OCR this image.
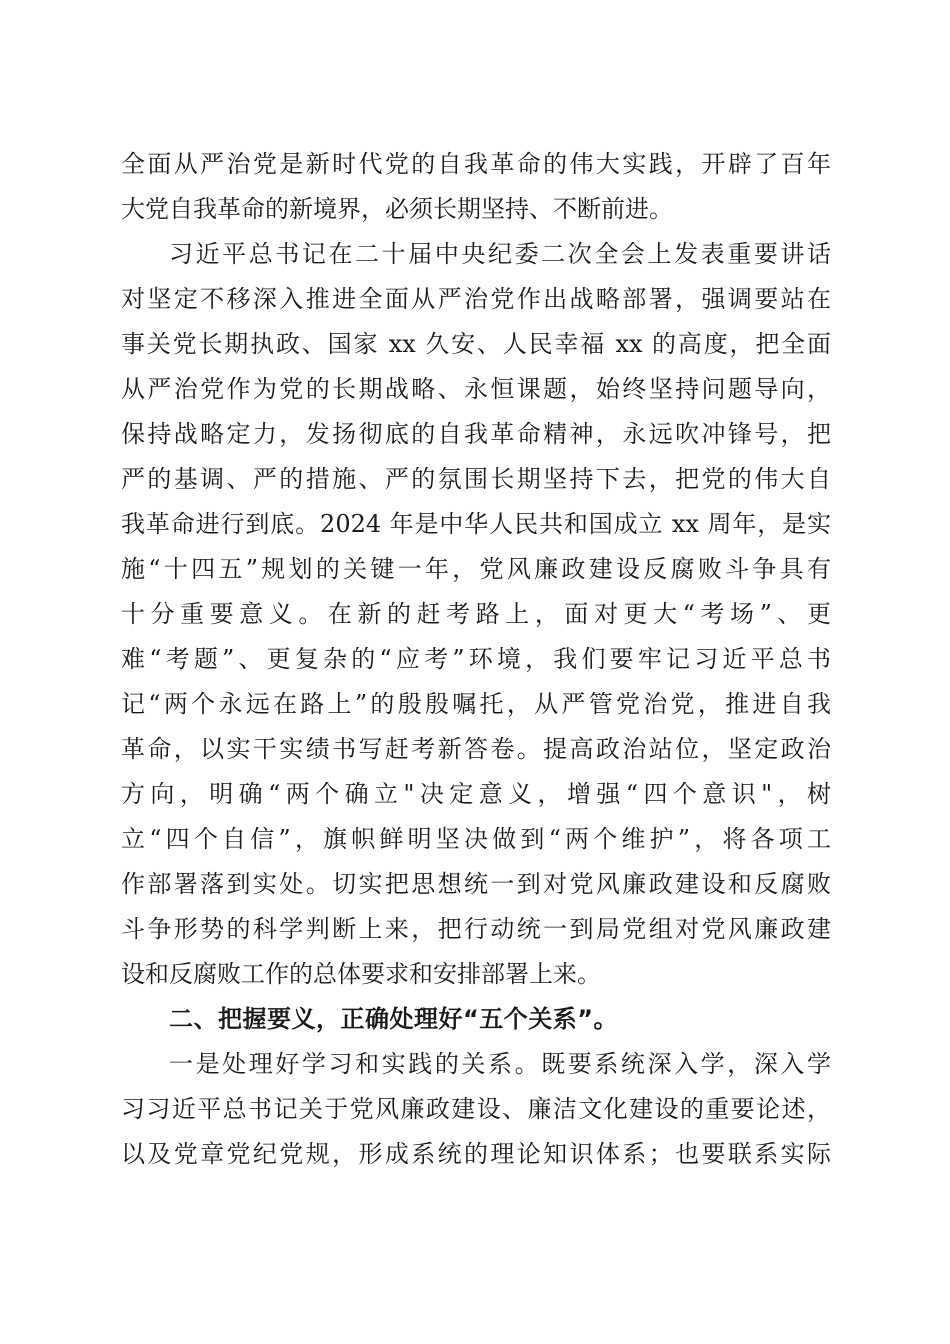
全面从严治党是新时代党的自我革命的伟大实践，开辟了百年
大党自我革命的新境界，必须长期坚持、不断前进。
习近平总书记在二十届中央纪委二次全会上发表重要讲话
对坚定不移深入推进全面从严治党作出战略部署，强调要站在
事关党长期执政、国家 xx 久安、人民幸福 xx 的高度，把全面
从严治党作为党的长期战略、永恒课题，始终坚持问题导向，
保持战略定力，发扬彻底的自我革命精神，永远吹冲锋号，把
严的基调、严的措施、严的氛围长期坚持下去，把党的伟大自
我革命进行到底。2024 年是中华人民共和国成立 xx 周年，是实
施“十四五”规划的关键一年，党风廉政建设反腐败斗争具有
十分重要意义。在新的赶考路上，面对更大“考场”、更
难“考题”、更复杂的“应考”环境，我们要牢记习近平总书
记“两个永远在路上”的殷殷嘱托，从严管党治党，推进自我
革命，以实干实绩书写赶考新答卷。提高政治站位，坚定政治
方向，明确“两个确立"决定意义，增强“四个意识"，树
立“四个自信”，旗帜鲜明坚决做到“两个维护”，将各项工
作部署落到实处。切实把思想统一到对党风廉政建设和反腐败
斗争形势的科学判断上来，把行动统一到局党组对党风廉政建
设和反腐败工作的总体要求和安排部署上来。
二、把握要义，正确处理好“五个关系”。
一是处理好学习和实践的关系。既要系统深入学，深入学
习习近平总书记关于党风廉政建设、廉洁文化建设的重要论述，
以及党章党纪党规，形成系统的理论知识体系；也要联系实际
